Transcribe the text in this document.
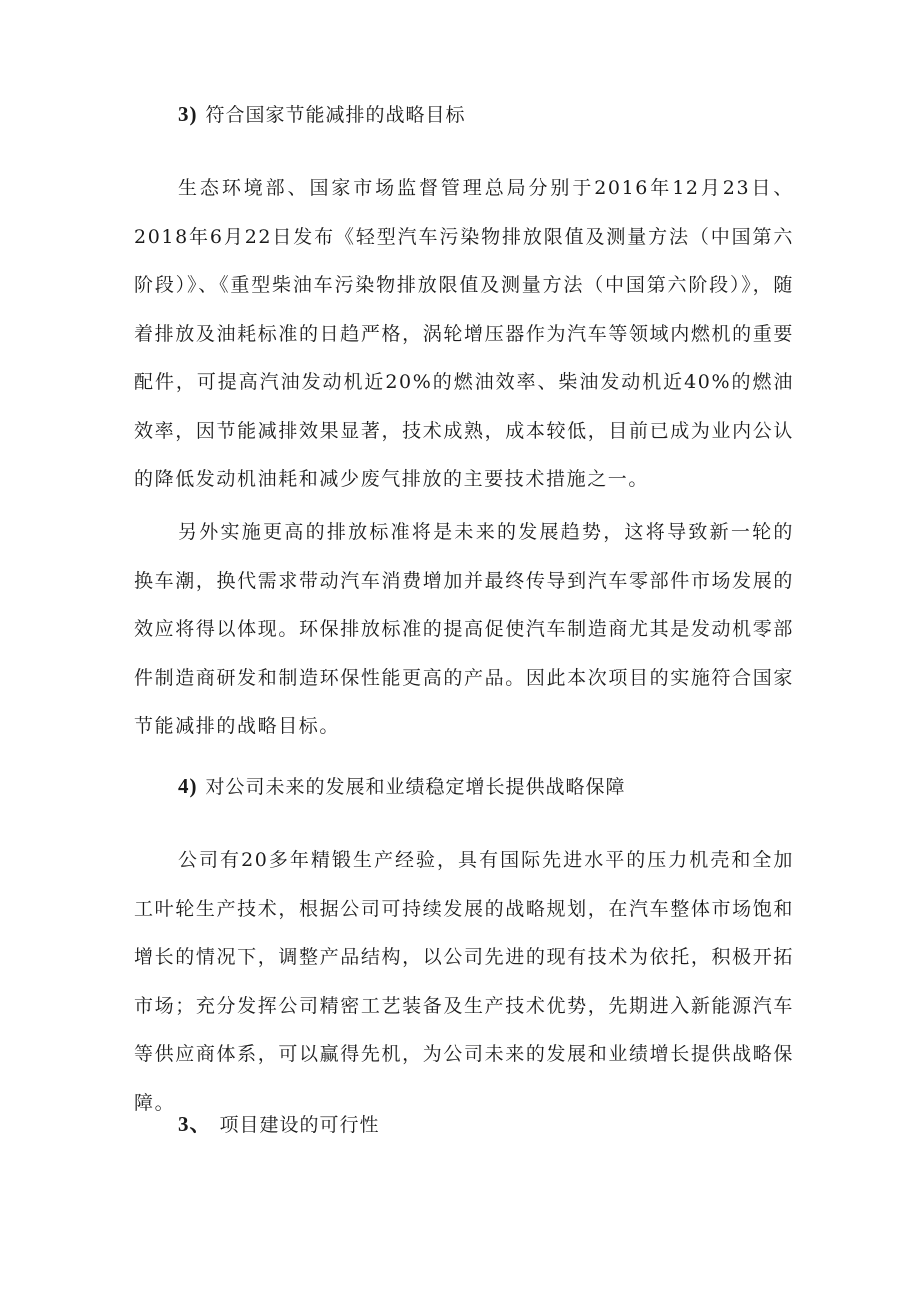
3) 符合国家节能减排的战略目标

生态环境部、国家市场监督管理总局分别于2016年12月23日、2018年6月22日发布《轻型汽车污染物排放限值及测量方法（中国第六阶段）》、《重型柴油车污染物排放限值及测量方法（中国第六阶段）》，随着排放及油耗标准的日趋严格，涡轮增压器作为汽车等领域内燃机的重要配件，可提高汽油发动机近20%的燃油效率、柴油发动机近40%的燃油效率，因节能减排效果显著，技术成熟，成本较低，目前已成为业内公认的降低发动机油耗和减少废气排放的主要技术措施之一。

另外实施更高的排放标准将是未来的发展趋势，这将导致新一轮的换车潮，换代需求带动汽车消费增加并最终传导到汽车零部件市场发展的效应将得以体现。环保排放标准的提高促使汽车制造商尤其是发动机零部件制造商研发和制造环保性能更高的产品。因此本次项目的实施符合国家节能减排的战略目标。

4) 对公司未来的发展和业绩稳定增长提供战略保障

公司有20多年精锻生产经验，具有国际先进水平的压力机壳和全加工叶轮生产技术，根据公司可持续发展的战略规划，在汽车整体市场饱和增长的情况下，调整产品结构，以公司先进的现有技术为依托，积极开拓市场；充分发挥公司精密工艺装备及生产技术优势，先期进入新能源汽车等供应商体系，可以赢得先机，为公司未来的发展和业绩增长提供战略保障。

3、 项目建设的可行性
